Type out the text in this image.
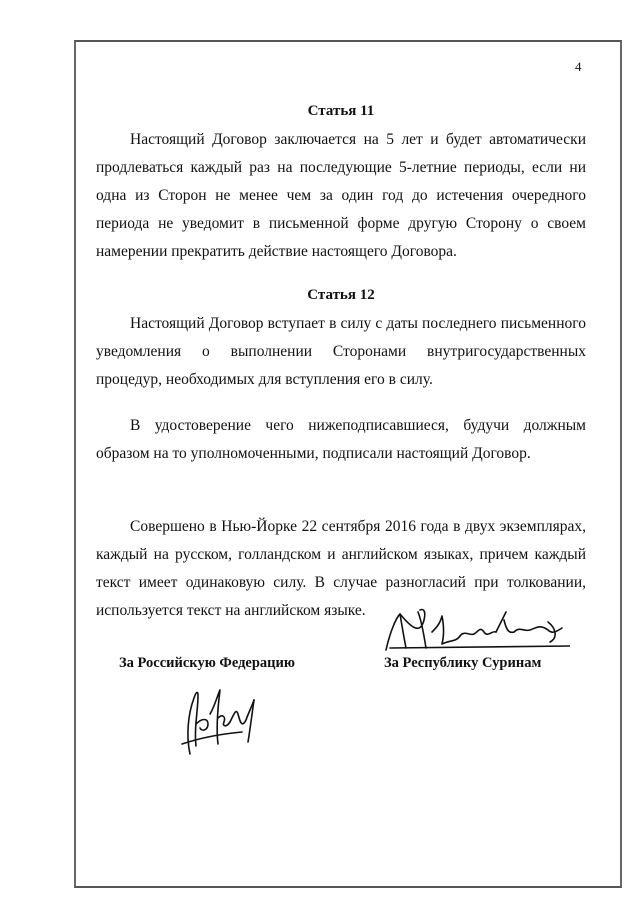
4
Статья 11

Настоящий Договор заключается на 5 лет и будет автоматически продлеваться каждый раз на последующие 5-летние периоды, если ни одна из Сторон не менее чем за один год до истечения очередного периода не уведомит в письменной форме другую Сторону о своем намерении прекратить действие настоящего Договора.

Статья 12

Настоящий Договор вступает в силу с даты последнего письменного уведомления о выполнении Сторонами внутригосударственных процедур, необходимых для вступления его в силу.

В удостоверение чего нижеподписавшиеся, будучи должным образом на то уполномоченными, подписали настоящий Договор.

Совершено в Нью-Йорке 22 сентября 2016 года в двух экземплярах, каждый на русском, голландском и английском языках, причем каждый текст имеет одинаковую силу. В случае разногласий при толковании, используется текст на английском языке.

За Российскую Федерацию	За Республику Суринам
